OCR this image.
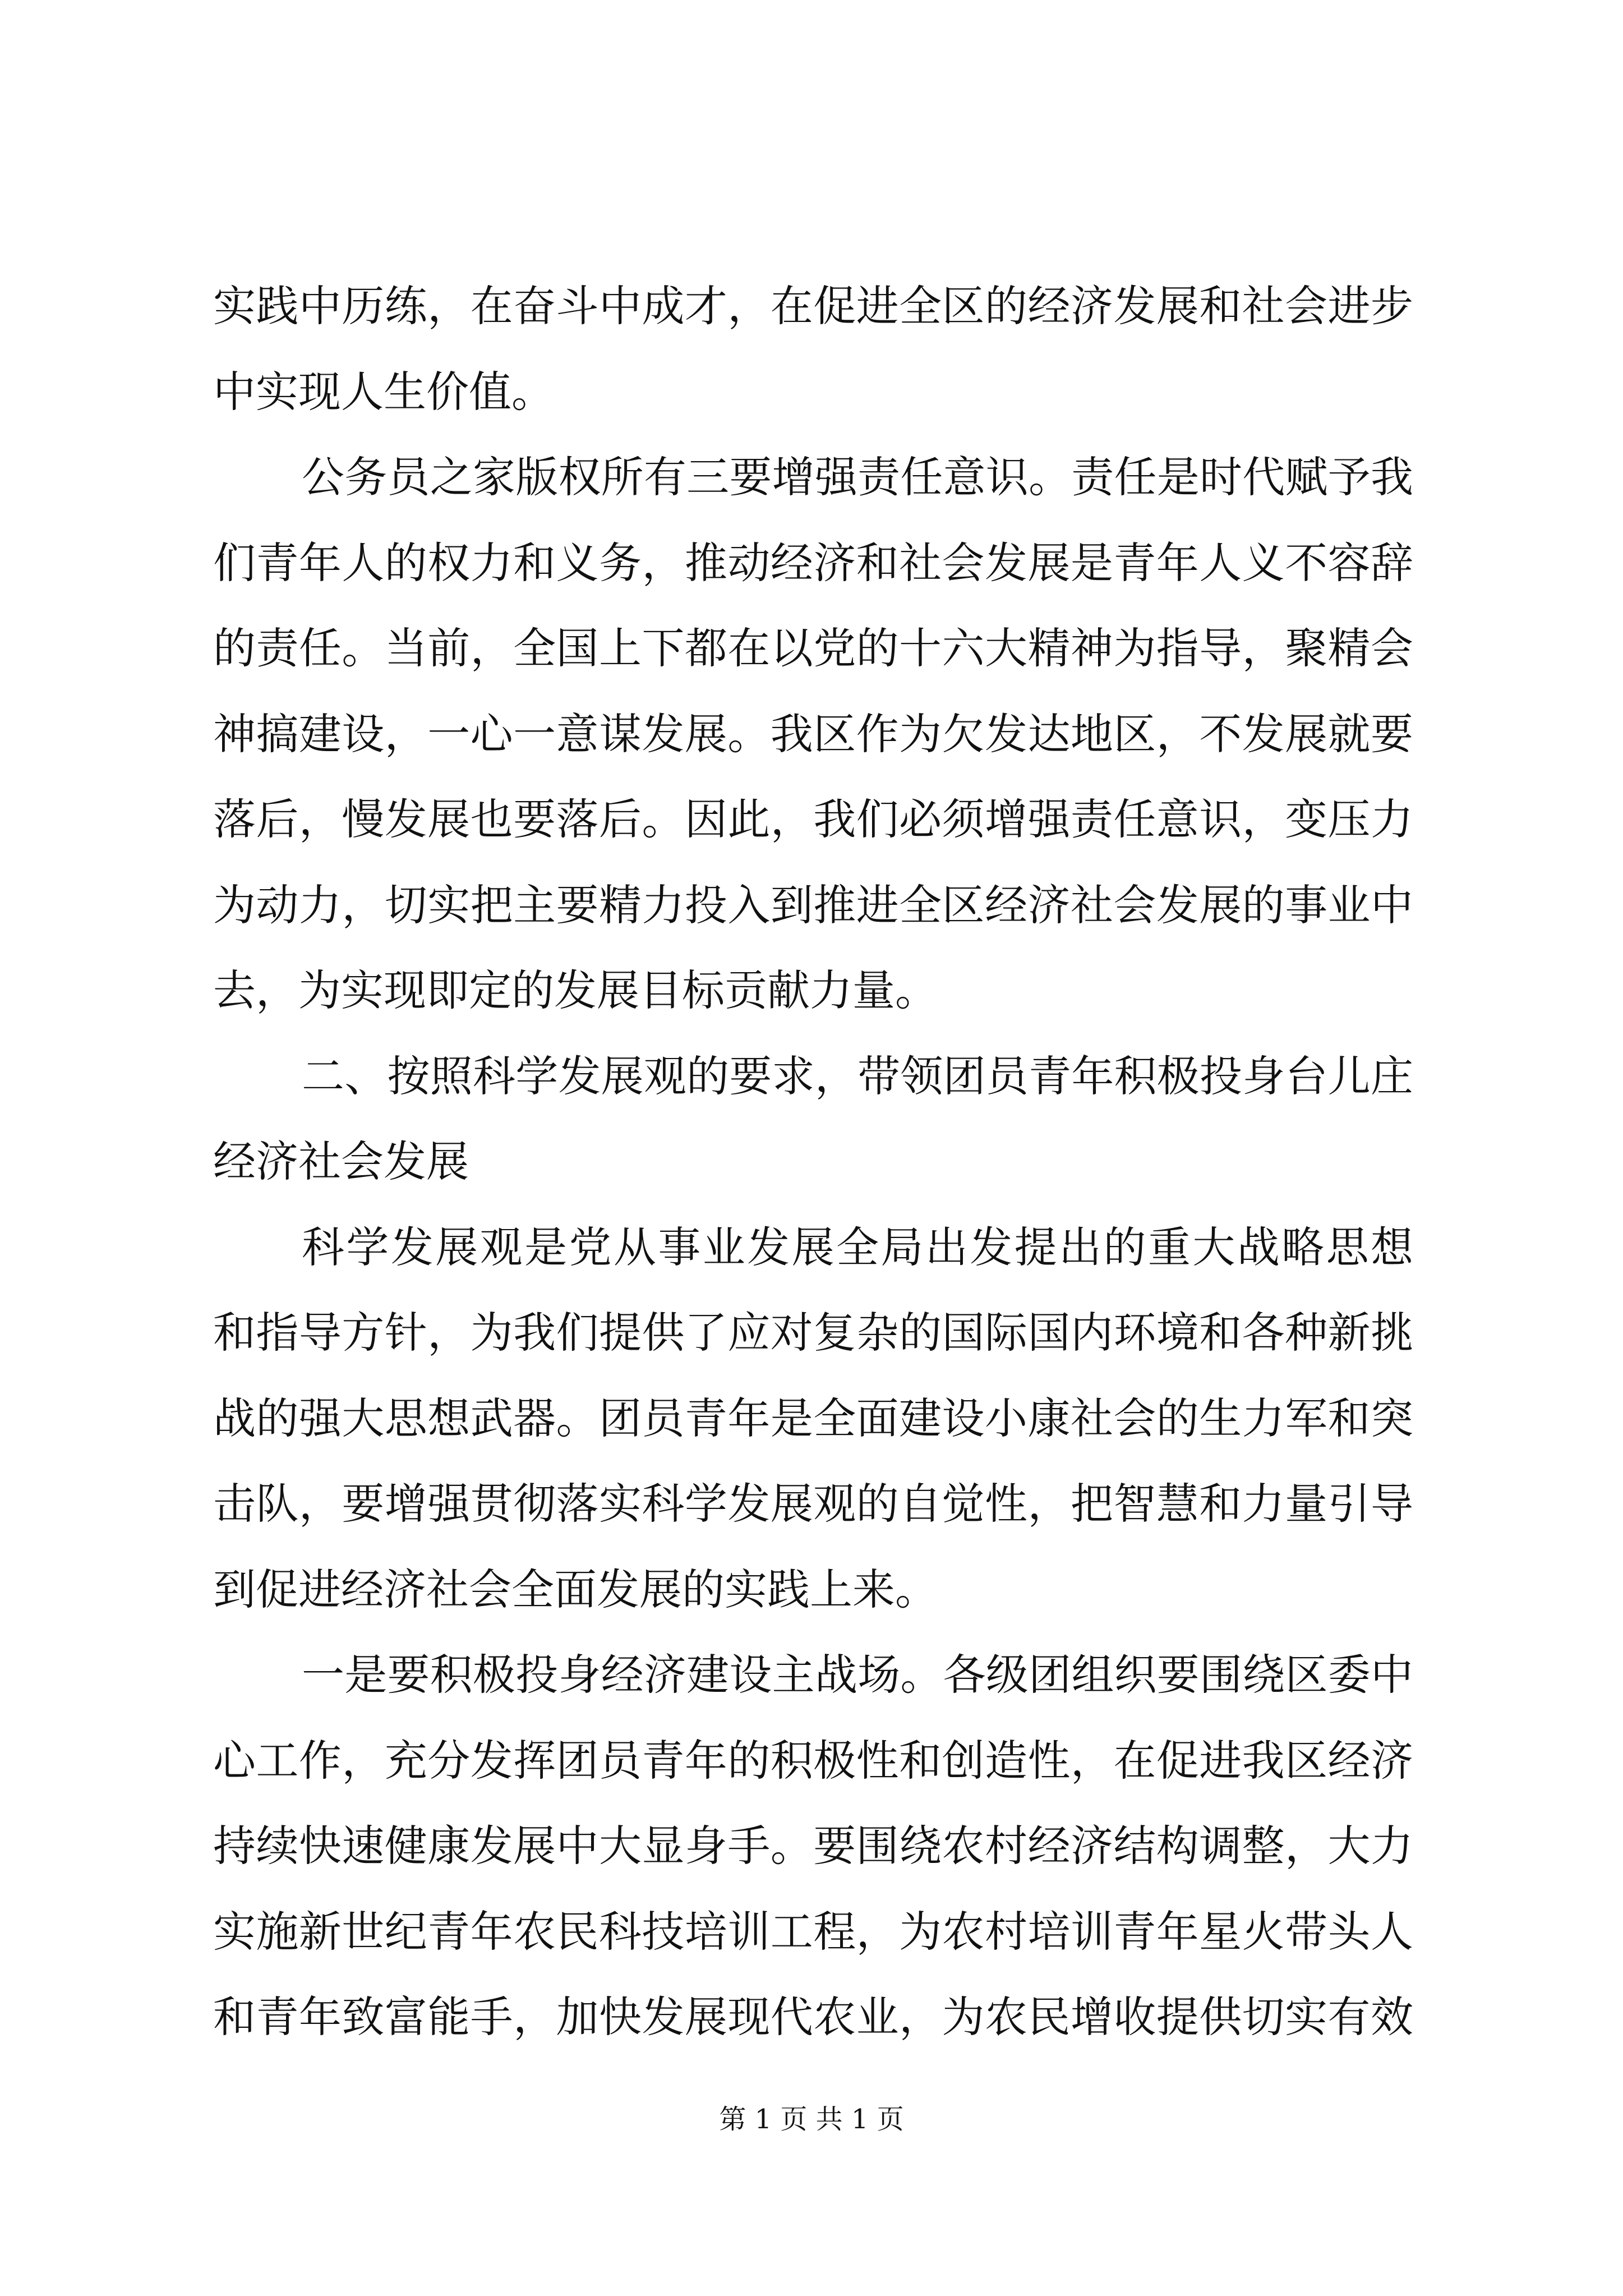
实践中历练，在奋斗中成才，在促进全区的经济发展和社会进步
中实现人生价值。
公务员之家版权所有三要增强责任意识。责任是时代赋予我
们青年人的权力和义务，推动经济和社会发展是青年人义不容辞
的责任。当前，全国上下都在以党的十六大精神为指导，聚精会
神搞建设，一心一意谋发展。我区作为欠发达地区，不发展就要
落后，慢发展也要落后。因此，我们必须增强责任意识，变压力
为动力，切实把主要精力投入到推进全区经济社会发展的事业中
去，为实现即定的发展目标贡献力量。
二、按照科学发展观的要求，带领团员青年积极投身台儿庄
经济社会发展
科学发展观是党从事业发展全局出发提出的重大战略思想
和指导方针，为我们提供了应对复杂的国际国内环境和各种新挑
战的强大思想武器。团员青年是全面建设小康社会的生力军和突
击队，要增强贯彻落实科学发展观的自觉性，把智慧和力量引导
到促进经济社会全面发展的实践上来。
一是要积极投身经济建设主战场。各级团组织要围绕区委中
心工作，充分发挥团员青年的积极性和创造性，在促进我区经济
持续快速健康发展中大显身手。要围绕农村经济结构调整，大力
实施新世纪青年农民科技培训工程，为农村培训青年星火带头人
和青年致富能手，加快发展现代农业，为农民增收提供切实有效
第 1 页 共 1 页
